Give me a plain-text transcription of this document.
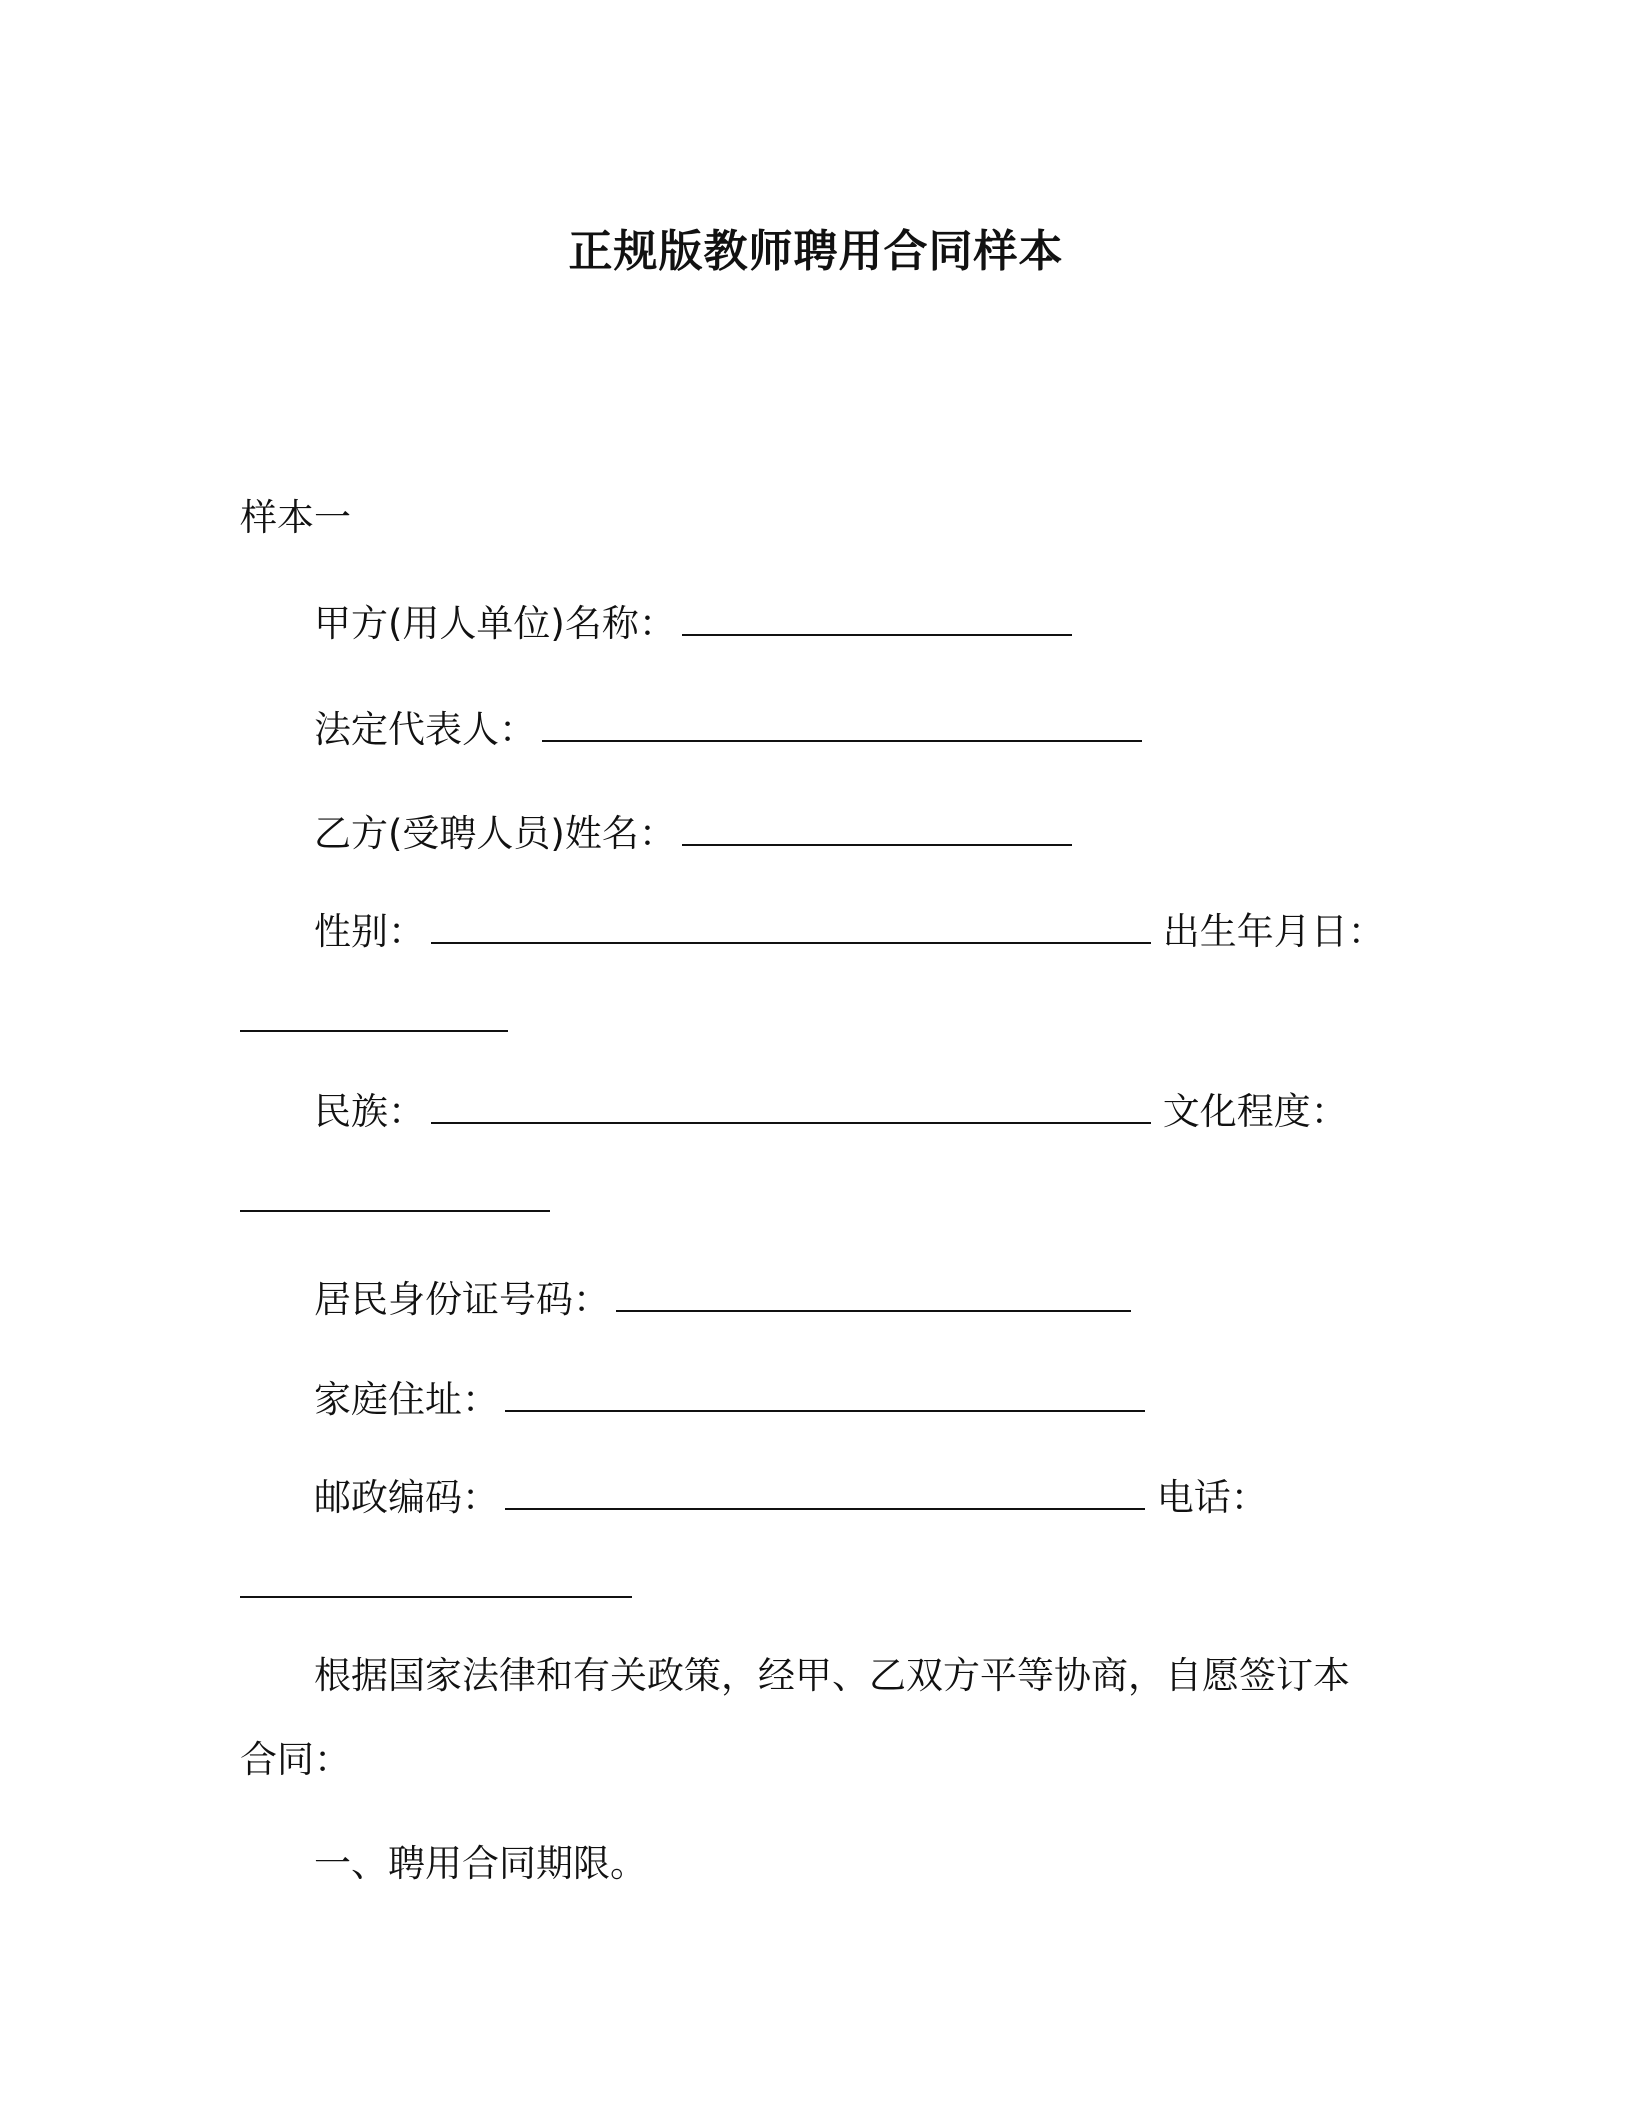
正规版教师聘用合同样本
样本一
甲方(用人单位)名称：
法定代表人：
乙方(受聘人员)姓名：
性别：	出生年月日：
民族：	文化程度：
居民身份证号码：
家庭住址：
邮政编码：	电话：
根据国家法律和有关政策，经甲、乙双方平等协商，自愿签订本
合同：
一、聘用合同期限。
